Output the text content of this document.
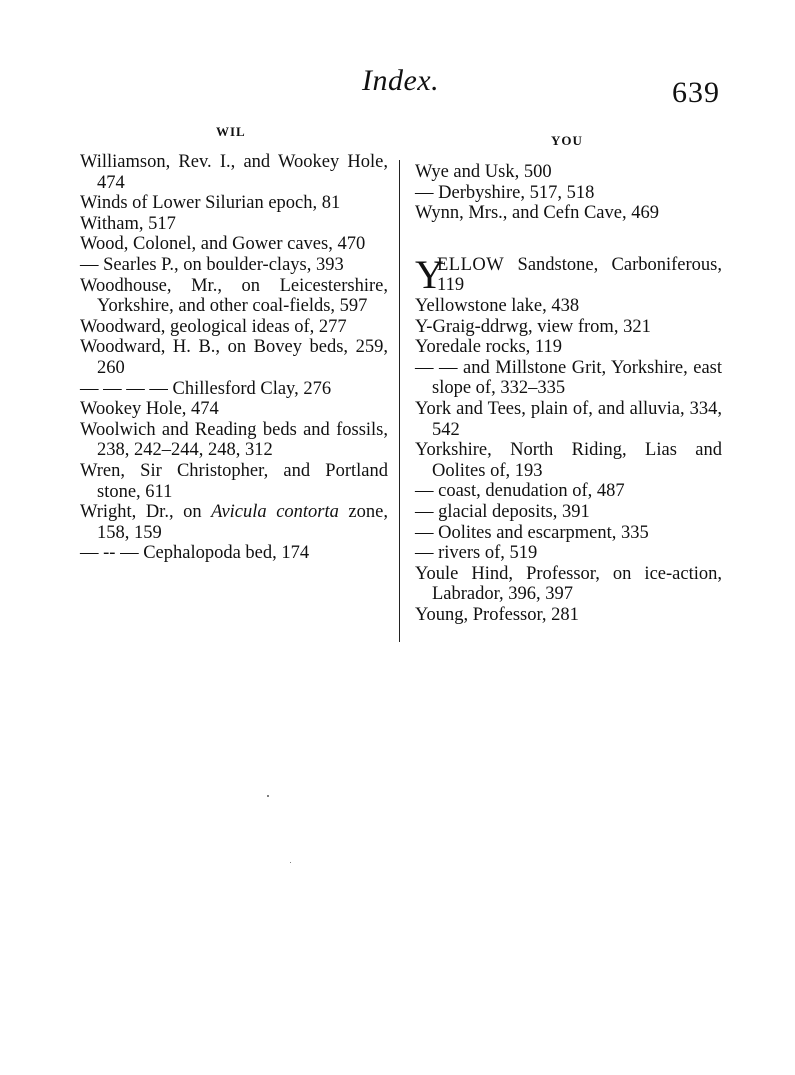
Index.	639
WIL
YOU
Williamson, Rev. I., and Wookey Hole, 474
Winds of Lower Silurian epoch, 81
Witham, 517
Wood, Colonel, and Gower caves, 470
— Searles P., on boulder-clays, 393
Woodhouse, Mr., on Leicestershire, Yorkshire, and other coal-fields, 597
Woodward, geological ideas of, 277
Woodward, H. B., on Bovey beds, 259, 260
— — — — Chillesford Clay, 276
Wookey Hole, 474
Woolwich and Reading beds and fossils, 238, 242–244, 248, 312
Wren, Sir Christopher, and Portland stone, 611
Wright, Dr., on Avicula contorta zone, 158, 159
— -- — Cephalopoda bed, 174
Wye and Usk, 500
— Derbyshire, 517, 518
Wynn, Mrs., and Cefn Cave, 469
Y
ELLOW Sandstone, Carboniferous, 119
Yellowstone lake, 438
Y-Graig-ddrwg, view from, 321
Yoredale rocks, 119
— — and Millstone Grit, Yorkshire, east slope of, 332–335
York and Tees, plain of, and alluvia, 334, 542
Yorkshire, North Riding, Lias and Oolites of, 193
— coast, denudation of, 487
— glacial deposits, 391
— Oolites and escarpment, 335
— rivers of, 519
Youle Hind, Professor, on ice-action, Labrador, 396, 397
Young, Professor, 281
